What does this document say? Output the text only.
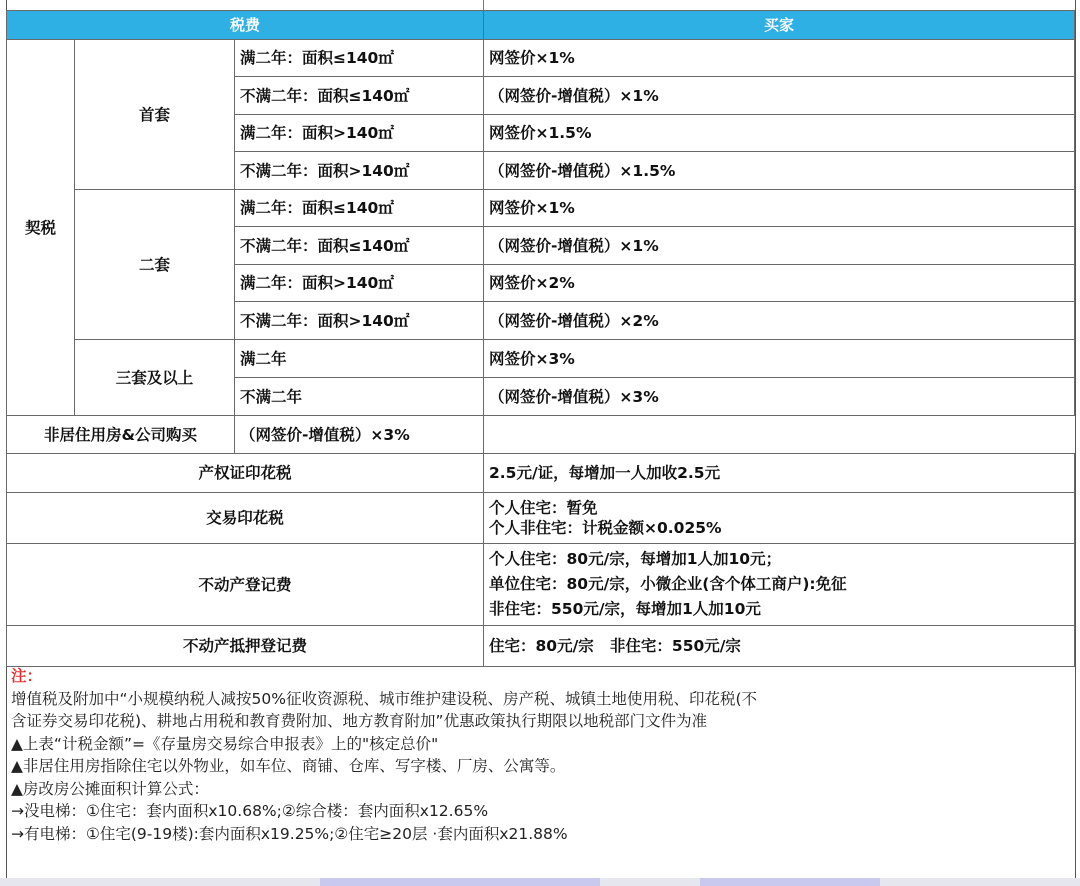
税费			买家
契税	首套	满二年：面积≤140㎡	网签价×1%
		不满二年：面积≤140㎡	（网签价-增值税）×1%
		满二年：面积>140㎡	网签价×1.5%
		不满二年：面积>140㎡	（网签价-增值税）×1.5%
	二套	满二年：面积≤140㎡	网签价×1%
		不满二年：面积≤140㎡	（网签价-增值税）×1%
		满二年：面积>140㎡	网签价×2%
		不满二年：面积>140㎡	（网签价-增值税）×2%
	三套及以上	满二年	网签价×3%
		不满二年	（网签价-增值税）×3%
非居住用房&公司购买		（网签价-增值税）×3%	
产权证印花税			2.5元/证，每增加一人加收2.5元
交易印花税			个人住宅：暂免
个人非住宅：计税金额×0.025%

不动产登记费			个人住宅：80元/宗，每增加1人加10元；
单位住宅：80元/宗，小微企业(含个体工商户):免征
非住宅：550元/宗，每增加1人加10元

不动产抵押登记费			住宅：80元/宗   非住宅：550元/宗
注：
增值税及附加中“小规模纳税人减按50%征收资源税、城市维护建设税、房产税、城镇土地使用税、印花税(不
含证券交易印花税)、耕地占用税和教育费附加、地方教育附加”优惠政策执行期限以地税部门文件为准
▲上表“计税金额”=《存量房交易综合申报表》上的"核定总价"
▲非居住用房指除住宅以外物业，如车位、商铺、仓库、写字楼、厂房、公寓等。
▲房改房公摊面积计算公式：
→没电梯：①住宅：套内面积x10.68%;②综合楼：套内面积x12.65%
→有电梯：①住宅(9-19楼):套内面积x19.25%;②住宅≥20层 ·套内面积x21.88%
